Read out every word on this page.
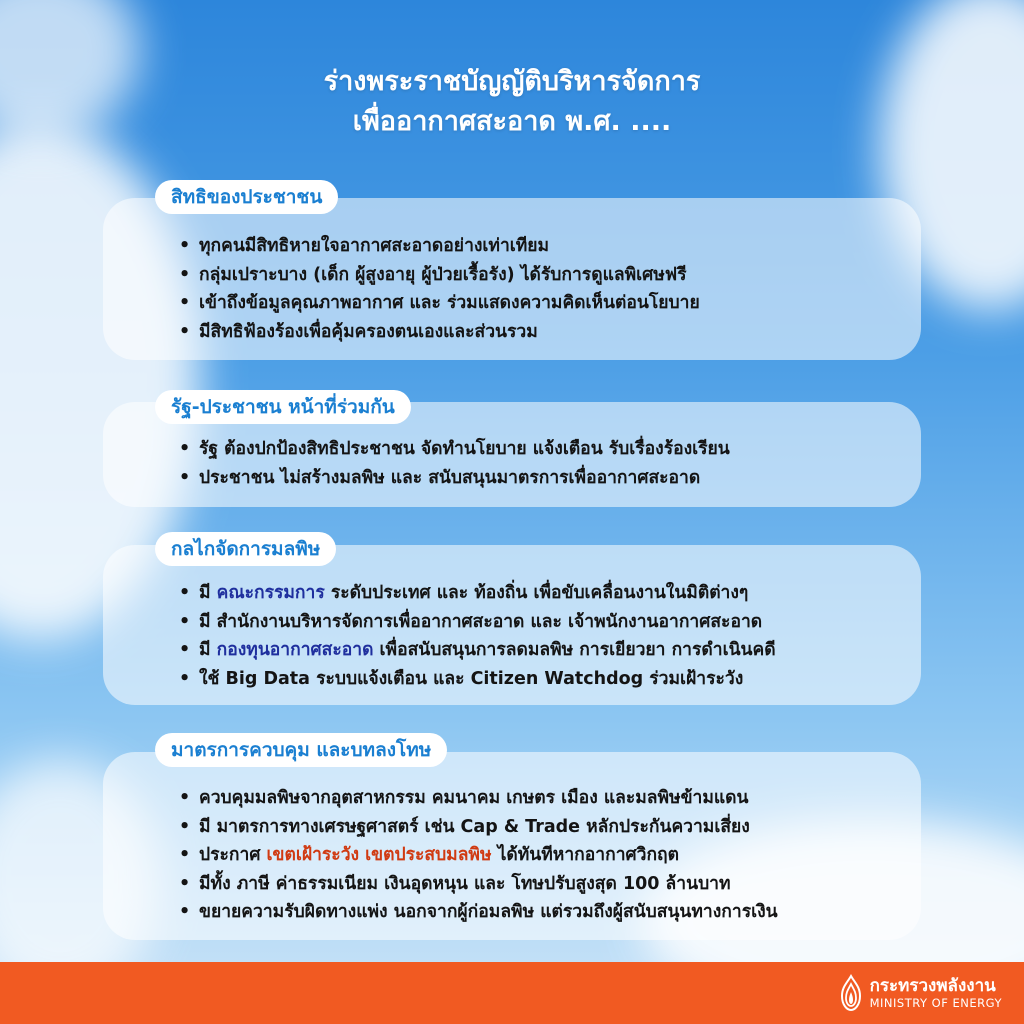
ร่างพระราชบัญญัติบริหารจัดการ
เพื่ออากาศสะอาด พ.ศ. ....
• ทุกคนมีสิทธิหายใจอากาศสะอาดอย่างเท่าเทียม
• กลุ่มเปราะบาง (เด็ก ผู้สูงอายุ ผู้ป่วยเรื้อรัง) ได้รับการดูแลพิเศษฟรี
• เข้าถึงข้อมูลคุณภาพอากาศ และ ร่วมแสดงความคิดเห็นต่อนโยบาย
• มีสิทธิฟ้องร้องเพื่อคุ้มครองตนเองและส่วนรวม
สิทธิของประชาชน
• รัฐ ต้องปกป้องสิทธิประชาชน จัดทำนโยบาย แจ้งเตือน รับเรื่องร้องเรียน
• ประชาชน ไม่สร้างมลพิษ และ สนับสนุนมาตรการเพื่ออากาศสะอาด
รัฐ-ประชาชน หน้าที่ร่วมกัน
• มี คณะกรรมการ ระดับประเทศ และ ท้องถิ่น เพื่อขับเคลื่อนงานในมิติต่างๆ
• มี สำนักงานบริหารจัดการเพื่ออากาศสะอาด และ เจ้าพนักงานอากาศสะอาด
• มี กองทุนอากาศสะอาด เพื่อสนับสนุนการลดมลพิษ การเยียวยา การดำเนินคดี
• ใช้ Big Data ระบบแจ้งเตือน และ Citizen Watchdog ร่วมเฝ้าระวัง
กลไกจัดการมลพิษ
• ควบคุมมลพิษจากอุตสาหกรรม คมนาคม เกษตร เมือง และมลพิษข้ามแดน
• มี มาตรการทางเศรษฐศาสตร์ เช่น Cap & Trade หลักประกันความเสี่ยง
• ประกาศ เขตเฝ้าระวัง เขตประสบมลพิษ ได้ทันทีหากอากาศวิกฤต
• มีทั้ง ภาษี ค่าธรรมเนียม เงินอุดหนุน และ โทษปรับสูงสุด 100 ล้านบาท
• ขยายความรับผิดทางแพ่ง นอกจากผู้ก่อมลพิษ แต่รวมถึงผู้สนับสนุนทางการเงิน
มาตรการควบคุม และบทลงโทษ
กระทรวงพลังงาน
MINISTRY OF ENERGY
